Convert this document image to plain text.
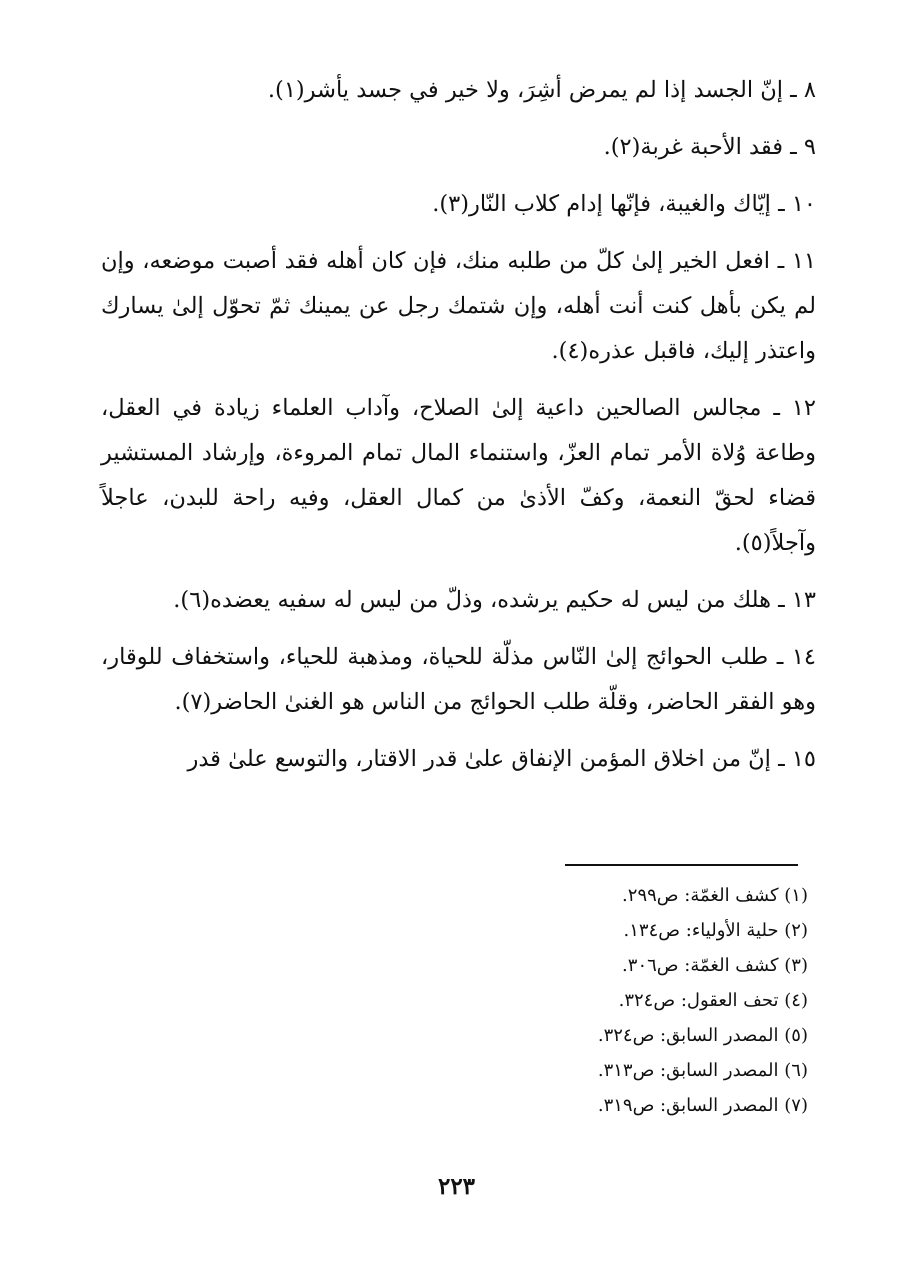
٨ ـ إنّ الجسد إذا لم يمرض أشِرَ، ولا خير في جسد يأشر(١).

٩ ـ فقد الأحبة غربة(٢).

١٠ ـ إيّاك والغيبة، فإنّها إدام كلاب النّار(٣).

١١ ـ افعل الخير إلىٰ كلّ من طلبه منك، فإن كان أهله فقد أصبت موضعه، وإن لم يكن بأهل كنت أنت أهله، وإن شتمك رجل عن يمينك ثمّ تحوّل إلىٰ يسارك واعتذر إليك، فاقبل عذره(٤).

١٢ ـ مجالس الصالحين داعية إلىٰ الصلاح، وآداب العلماء زيادة في العقل، وطاعة وُلاة الأمر تمام العزّ، واستنماء المال تمام المروءة، وإرشاد المستشير قضاء لحقّ النعمة، وكفّ الأذىٰ من كمال العقل، وفيه راحة للبدن، عاجلاً وآجلاً(٥).

١٣ ـ هلك من ليس له حكيم يرشده، وذلّ من ليس له سفيه يعضده(٦).

١٤ ـ طلب الحوائج إلىٰ النّاس مذلّة للحياة، ومذهبة للحياء، واستخفاف للوقار، وهو الفقر الحاضر، وقلّة طلب الحوائج من الناس هو الغنىٰ الحاضر(٧).

١٥ ـ إنّ من اخلاق المؤمن الإنفاق علىٰ قدر الاقتار، والتوسع علىٰ قدر

(١) كشف الغمّة: ص٢٩٩.
(٢) حلية الأولياء: ص١٣٤.
(٣) كشف الغمّة: ص٣٠٦.
(٤) تحف العقول: ص٣٢٤.
(٥) المصدر السابق: ص٣٢٤.
(٦) المصدر السابق: ص٣١٣.
(٧) المصدر السابق: ص٣١٩.
٢٢٣
